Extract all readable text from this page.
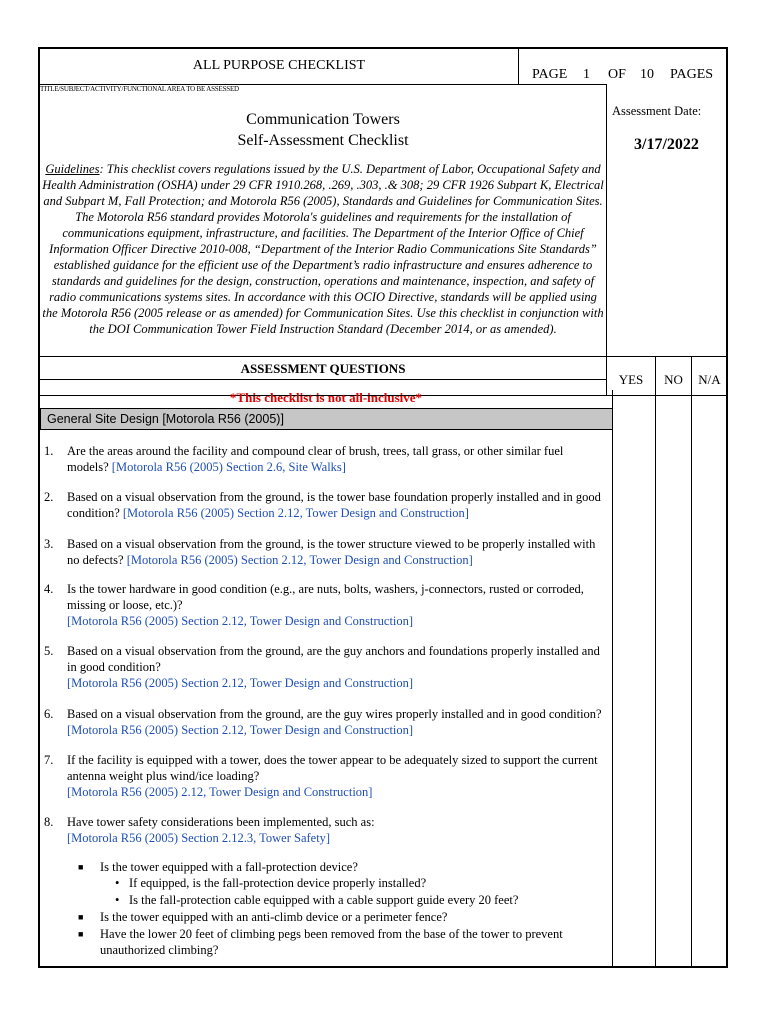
ALL PURPOSE CHECKLIST
PAGE 1 OF 10 PAGES
TITLE/SUBJECT/ACTIVITY/FUNCTIONAL AREA TO BE ASSESSED
Assessment Date:
3/17/2022
Communication Towers
Self-Assessment Checklist
Guidelines: This checklist covers regulations issued by the U.S. Department of Labor, Occupational Safety and Health Administration (OSHA) under 29 CFR 1910.268, .269, .303, .& 308; 29 CFR 1926 Subpart K, Electrical and Subpart M, Fall Protection; and Motorola R56 (2005), Standards and Guidelines for Communication Sites. The Motorola R56 standard provides Motorola's guidelines and requirements for the installation of communications equipment, infrastructure, and facilities. The Department of the Interior Office of Chief Information Officer Directive 2010-008, “Department of the Interior Radio Communications Site Standards” established guidance for the efficient use of the Department’s radio infrastructure and ensures adherence to standards and guidelines for the design, construction, operations and maintenance, inspection, and safety of radio communications systems sites. In accordance with this OCIO Directive, standards will be applied using the Motorola R56 (2005 release or as amended) for Communication Sites. Use this checklist in conjunction with the DOI Communication Tower Field Instruction Standard (December 2014, or as amended).
ASSESSMENT QUESTIONS
YES	NO	N/A
*This checklist is not all-inclusive*
General Site Design [Motorola R56 (2005)]
1. Are the areas around the facility and compound clear of brush, trees, tall grass, or other similar fuel models? [Motorola R56 (2005) Section 2.6, Site Walks]
2. Based on a visual observation from the ground, is the tower base foundation properly installed and in good condition? [Motorola R56 (2005) Section 2.12, Tower Design and Construction]
3. Based on a visual observation from the ground, is the tower structure viewed to be properly installed with no defects? [Motorola R56 (2005) Section 2.12, Tower Design and Construction]
4. Is the tower hardware in good condition (e.g., are nuts, bolts, washers, j-connectors, rusted or corroded, missing or loose, etc.)?
[Motorola R56 (2005) Section 2.12, Tower Design and Construction]
5. Based on a visual observation from the ground, are the guy anchors and foundations properly installed and in good condition?
[Motorola R56 (2005) Section 2.12, Tower Design and Construction]
6. Based on a visual observation from the ground, are the guy wires properly installed and in good condition? [Motorola R56 (2005) Section 2.12, Tower Design and Construction]
7. If the facility is equipped with a tower, does the tower appear to be adequately sized to support the current antenna weight plus wind/ice loading?
[Motorola R56 (2005) 2.12, Tower Design and Construction]
8. Have tower safety considerations been implemented, such as:
[Motorola R56 (2005) Section 2.12.3, Tower Safety]
■ Is the tower equipped with a fall-protection device?
• If equipped, is the fall-protection device properly installed?
• Is the fall-protection cable equipped with a cable support guide every 20 feet?
■ Is the tower equipped with an anti-climb device or a perimeter fence?
■ Have the lower 20 feet of climbing pegs been removed from the base of the tower to prevent unauthorized climbing?
